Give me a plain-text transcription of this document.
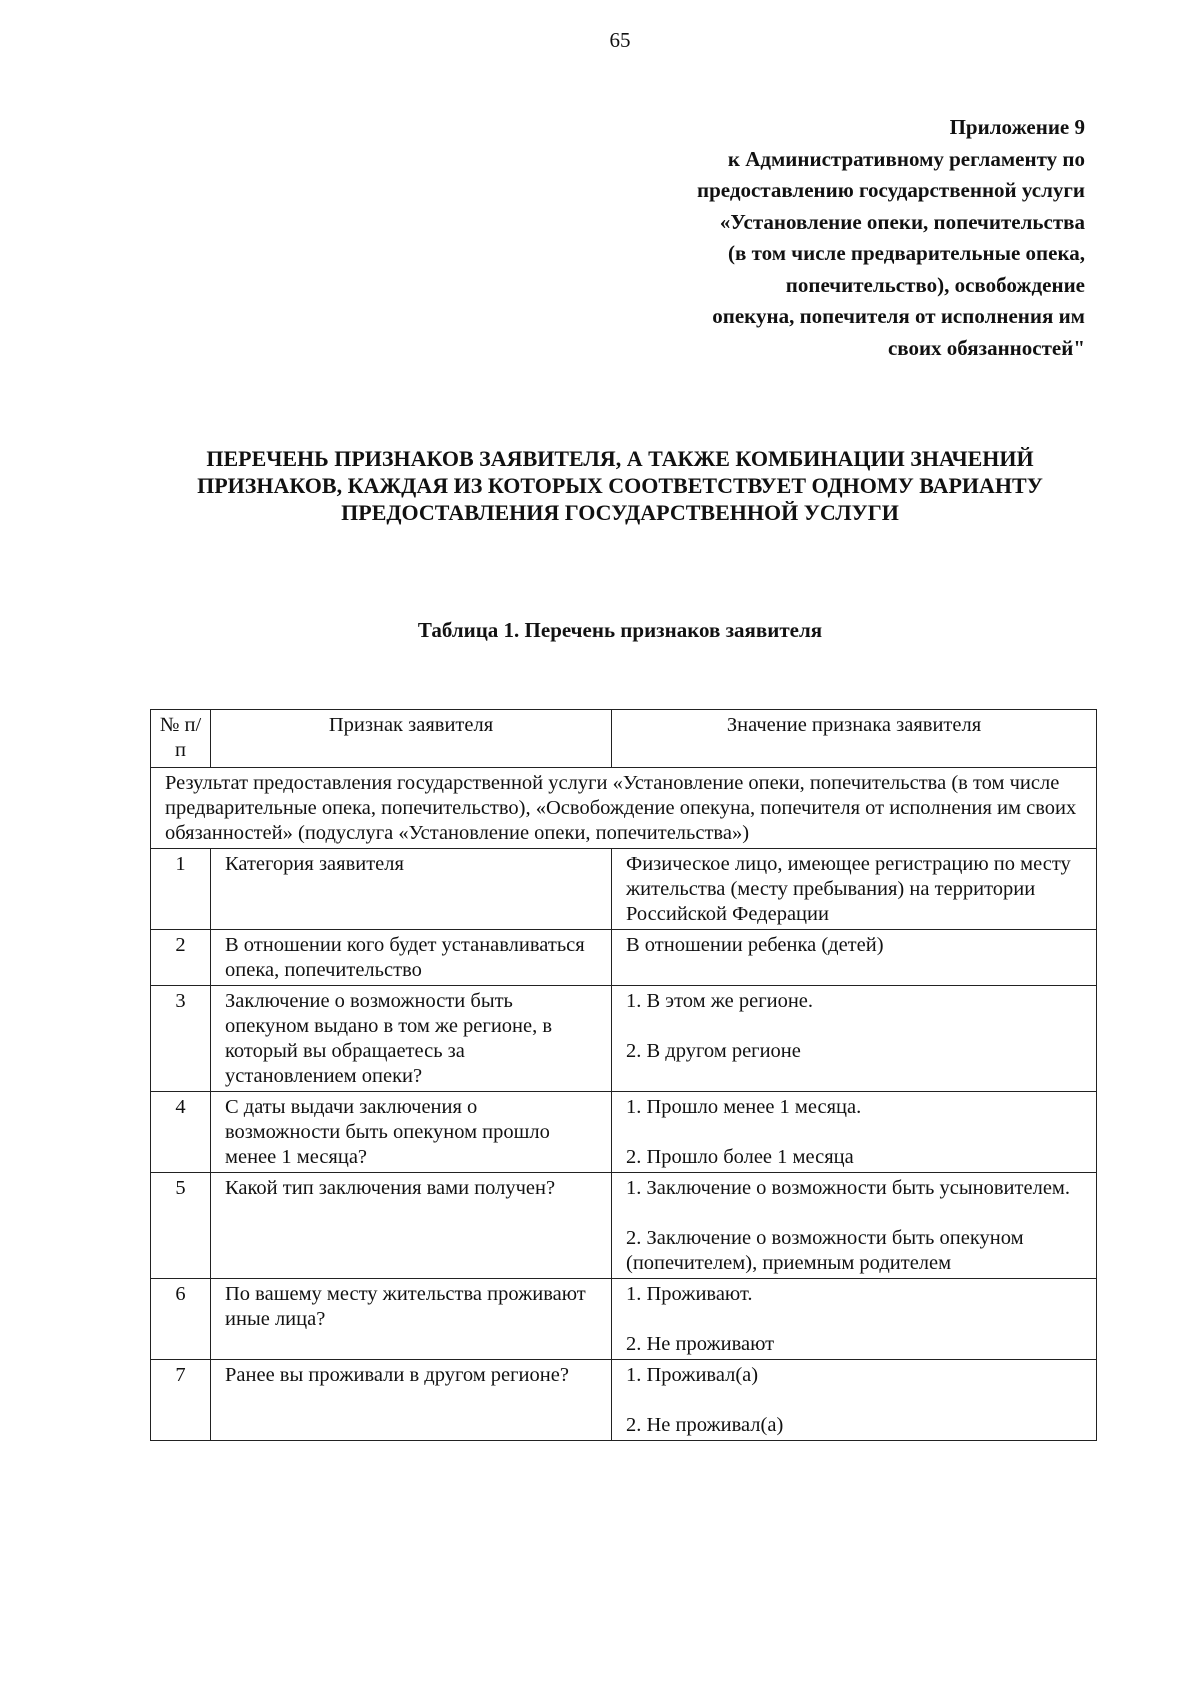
65
Приложение 9
к Административному регламенту по
предоставлению государственной услуги
«Установление опеки, попечительства
(в том числе предварительные опека,
попечительство), освобождение
опекуна, попечителя от исполнения им
своих обязанностей"
ПЕРЕЧЕНЬ ПРИЗНАКОВ ЗАЯВИТЕЛЯ, А ТАКЖЕ КОМБИНАЦИИ ЗНАЧЕНИЙ
ПРИЗНАКОВ, КАЖДАЯ ИЗ КОТОРЫХ СООТВЕТСТВУЕТ ОДНОМУ ВАРИАНТУ
ПРЕДОСТАВЛЕНИЯ ГОСУДАРСТВЕННОЙ УСЛУГИ
Таблица 1. Перечень признаков заявителя
№ п/п	Признак заявителя	Значение признака заявителя
Результат предоставления государственной услуги «Установление опеки, попечительства (в том числе предварительные опека, попечительство), «Освобождение опекуна, попечителя от исполнения им своих обязанностей» (подуслуга «Установление опеки, попечительства»)		
1	Категория заявителя	Физическое лицо, имеющее регистрацию по месту жительства (месту пребывания) на территории Российской Федерации

2	В отношении кого будет устанавливаться опека, попечительство	В отношении ребенка (детей)

3	Заключение о возможности быть опекуном выдано в том же регионе, в который вы обращаетесь за установлением опеки?	1. В этом же регионе.
2. В другом регионе

4	С даты выдачи заключения о возможности быть опекуном прошло менее 1 месяца?	1. Прошло менее 1 месяца.
2. Прошло более 1 месяца

5	Какой тип заключения вами получен?	1. Заключение о возможности быть усыновителем.
2. Заключение о возможности быть опекуном (попечителем), приемным родителем

6	По вашему месту жительства проживают иные лица?	1. Проживают.
2. Не проживают

7	Ранее вы проживали в другом регионе?	1. Проживал(а)
2. Не проживал(а)
